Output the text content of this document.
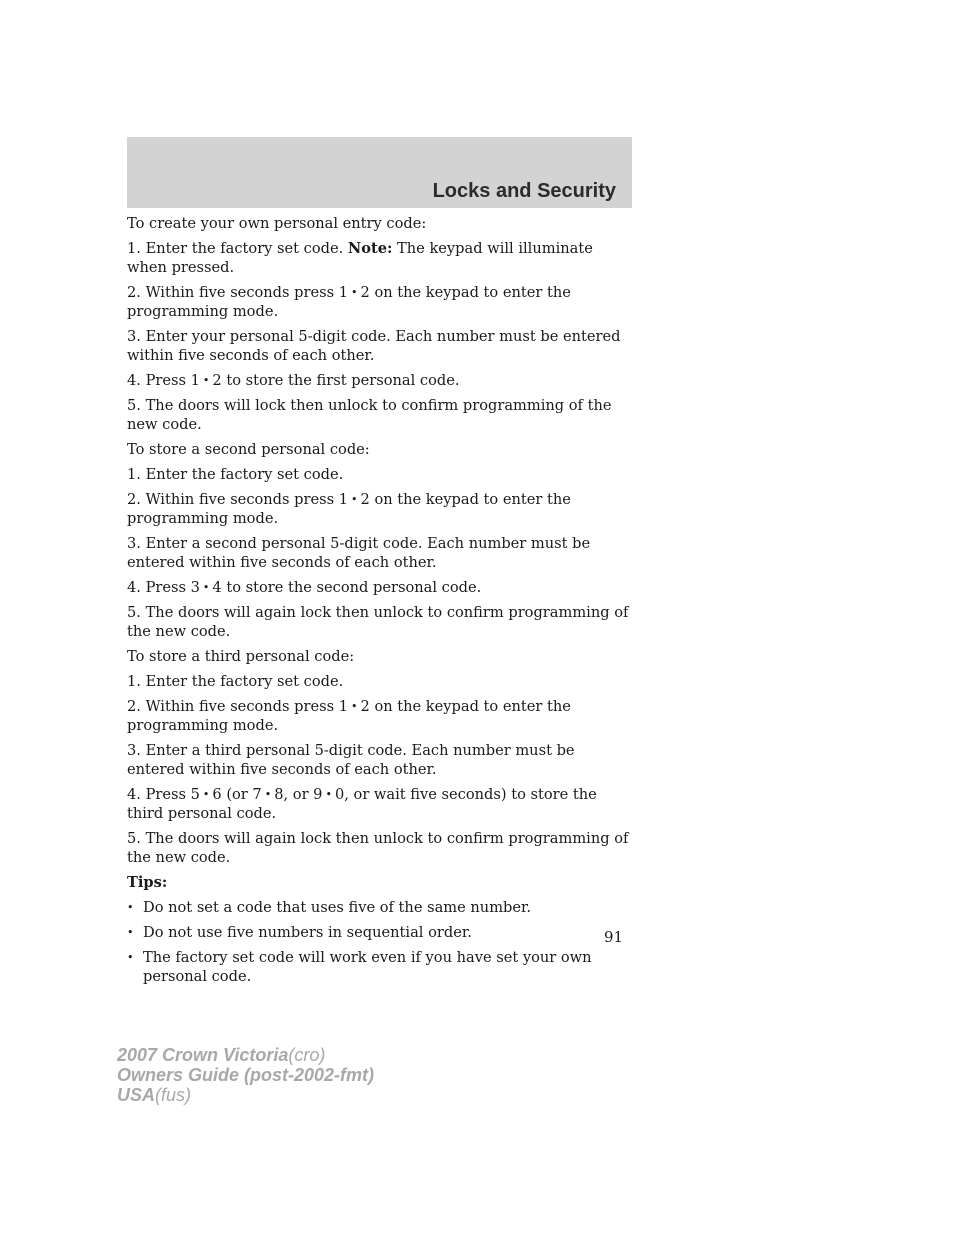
Locks and Security

To create your own personal entry code:

1. Enter the factory set code. Note: The keypad will illuminate when pressed.

2. Within five seconds press 1 • 2 on the keypad to enter the programming mode.

3. Enter your personal 5-digit code. Each number must be entered within five seconds of each other.

4. Press 1 • 2 to store the first personal code.

5. The doors will lock then unlock to confirm programming of the new code.

To store a second personal code:

1. Enter the factory set code.

2. Within five seconds press 1 • 2 on the keypad to enter the programming mode.

3. Enter a second personal 5-digit code. Each number must be entered within five seconds of each other.

4. Press 3 • 4 to store the second personal code.

5. The doors will again lock then unlock to confirm programming of the new code.

To store a third personal code:

1. Enter the factory set code.

2. Within five seconds press 1 • 2 on the keypad to enter the programming mode.

3. Enter a third personal 5-digit code. Each number must be entered within five seconds of each other.

4. Press 5 • 6 (or 7 • 8, or 9 • 0, or wait five seconds) to store the third personal code.

5. The doors will again lock then unlock to confirm programming of the new code.

Tips:

• Do not set a code that uses five of the same number.
• Do not use five numbers in sequential order.
• The factory set code will work even if you have set your own personal code.
91
2007 Crown Victoria(cro)
Owners Guide (post-2002-fmt)
USA(fus)
